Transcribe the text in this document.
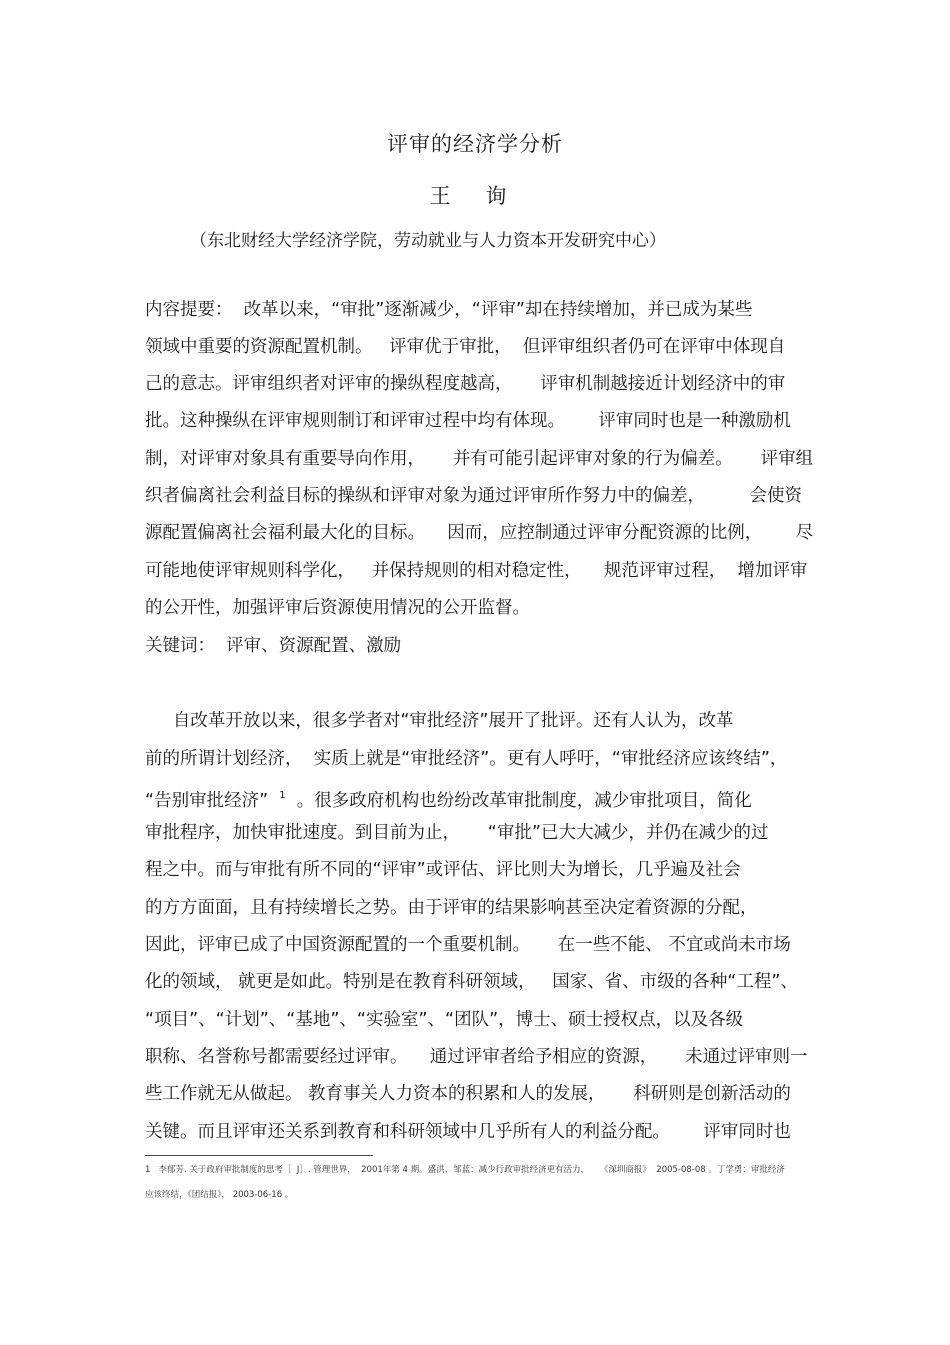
评审的经济学分析
王 询
（东北财经大学经济学院，劳动就业与人力资本开发研究中心）
内容提要：  改革以来，“审批”逐渐减少，“评审”却在持续增加，并已成为某些
领域中重要的资源配置机制。   评审优于审批，  但评审组织者仍可在评审中体现自
己的意志。评审组织者对评审的操纵程度越高，     评审机制越接近计划经济中的审
批。这种操纵在评审规则制订和评审过程中均有体现。      评审同时也是一种激励机
制，对评审对象具有重要导向作用，     并有可能引起评审对象的行为偏差。     评审组
织者偏离社会利益目标的操纵和评审对象为通过评审所作努力中的偏差，        会使资
源配置偏离社会福利最大化的目标。    因而，应控制通过评审分配资源的比例，      尽
可能地使评审规则科学化，   并保持规则的相对稳定性，    规范评审过程，  增加评审
的公开性，加强评审后资源使用情况的公开监督。
关键词：  评审、资源配置、激励
自改革开放以来，很多学者对“审批经济”展开了批评。还有人认为，改革
前的所谓计划经济，  实质上就是“审批经济”。更有人呼吁，“审批经济应该终结”，
“告别审批经济” $^1$ 。很多政府机构也纷纷改革审批制度，减少审批项目，简化
审批程序，加快审批速度。到目前为止，     “审批”已大大减少，并仍在减少的过
程之中。而与审批有所不同的“评审”或评估、评比则大为增长，几乎遍及社会
的方方面面，且有持续增长之势。由于评审的结果影响甚至决定着资源的分配，
因此，评审已成了中国资源配置的一个重要机制。     在一些不能、 不宜或尚未市场
化的领域， 就更是如此。特别是在教育科研领域，   国家、省、市级的各种“工程”、
“项目”、“计划”、“基地”、“实验室”、“团队”，博士、硕士授权点，以及各级
职称、名誉称号都需要经过评审。    通过评审者给予相应的资源，     未通过评审则一
些工作就无从做起。 教育事关人力资本的积累和人的发展，     科研则是创新活动的
关键。而且评审还关系到教育和科研领域中几乎所有人的利益分配。      评审同时也
1   李郁芳. 关于政府审批制度的思考［  J］. 管理世界，  2001年第 4 期。盛洪、邹蓝：减少行政审批经济更有活力，    《深圳商报》  2005-08-08 。丁学勇：审批经济
应该终结，《团结报》， 2003-06-16 。
